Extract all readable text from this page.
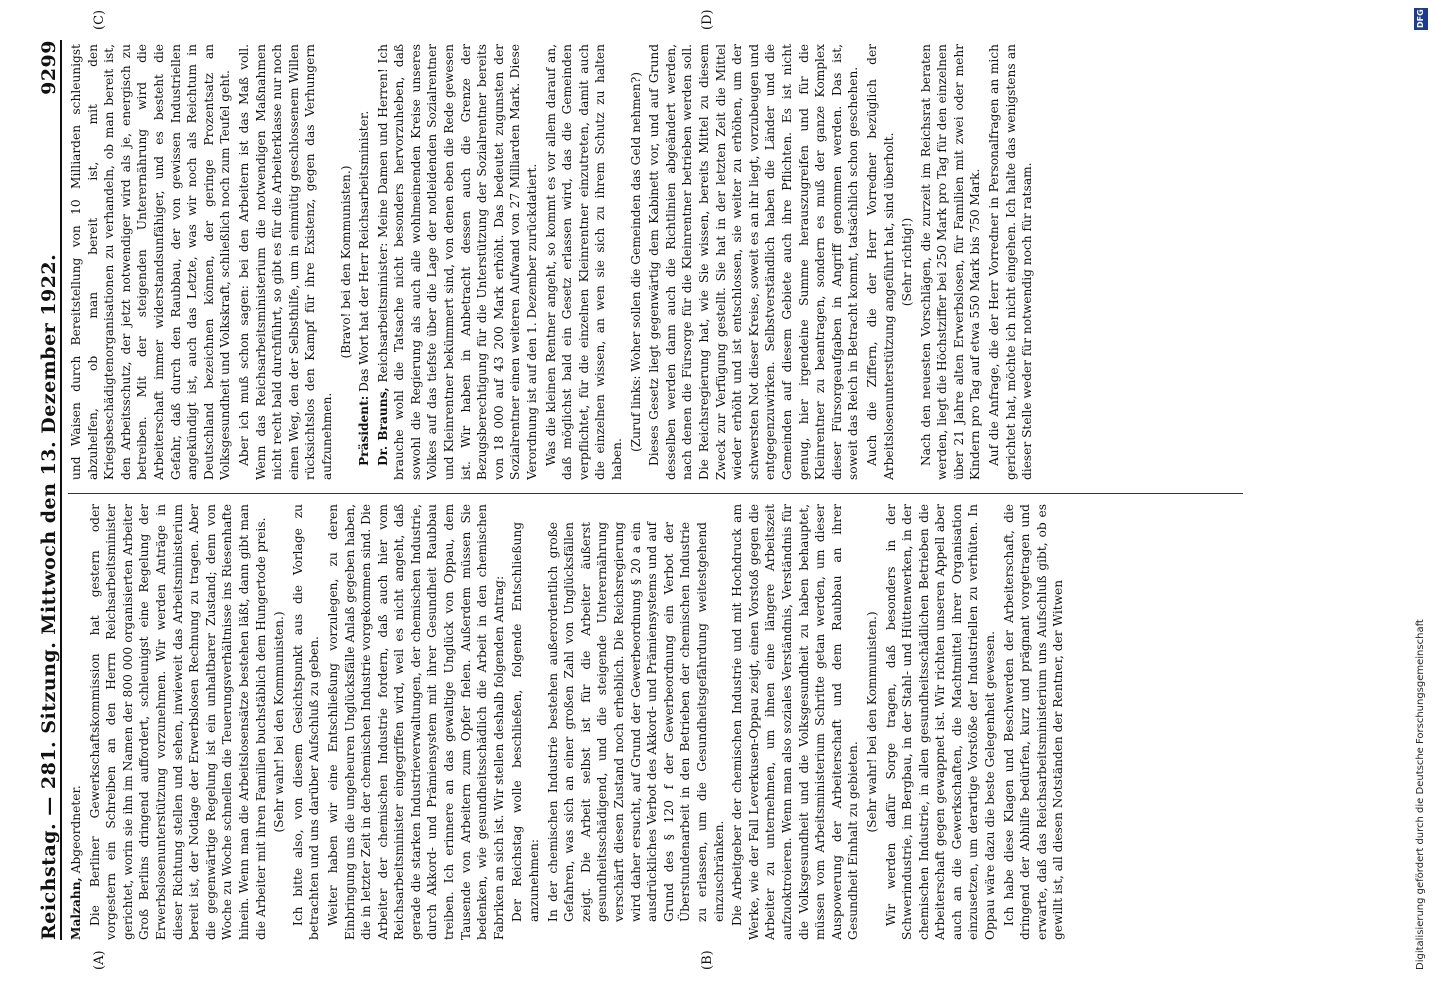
Reichstag. — 281. Sitzung. Mittwoch den 13. Dezember 1922.
9299
(A)	(B)
(C)	(D)

Malzahn, Abgeordneter. Die Berliner Gewerkschaftskommission hat gestern oder vorgestern ein Schreiben an den Herrn Reichsarbeitsminister gerichtet, worin sie ihn im Namen der 800 000 organisierten Arbeiter Groß Berlins dringend auffordert, schleunigst eine Regelung der Erwerbslosenunterstützung vorzunehmen. Wir werden Anträge in dieser Richtung stellen und sehen, inwieweit das Arbeitsministerium bereit ist, der Notlage der Erwerbslosen Rechnung zu tragen. Aber die gegenwärtige Regelung ist ein unhaltbarer Zustand; denn von Woche zu Woche schnellen die Teuerungsverhältnisse ins Riesenhafte hinein. Wenn man die Arbeitslosensätze bestehen läßt, dann gibt man die Arbeiter mit ihren Familien buchstäblich dem Hungertode preis. (Sehr wahr! bei den Kommunisten.) Ich bitte also, von diesem Gesichtspunkt aus die Vorlage zu betrachten und uns darüber Aufschluß zu geben. Weiter haben wir eine Entschließung vorzulegen, zu deren Einbringung uns die ungeheuren Unglücksfälle Anlaß gegeben haben, die in letzter Zeit in der chemischen Industrie vorgekommen sind. Die Arbeiter der chemischen Industrie fordern, daß auch hier vom Reichsarbeitsminister eingegriffen wird, weil es nicht angeht, daß gerade die starken Industrieverwaltungen, der chemischen Industrie, durch Akkord- und Prämiensystem mit ihrer Gesundheit Raubbau treiben. Ich erinnere an das gewaltige Unglück von Oppau, dem Tausende von Arbeitern zum Opfer fielen. Außerdem müssen Sie bedenken, wie gesundheitsschädlich die Arbeit in den chemischen Fabriken an sich ist. Wir stellen deshalb folgenden Antrag: Der Reichstag wolle beschließen, folgende Entschließung anzunehmen: In der chemischen Industrie bestehen außerordentlich große Gefahren, was sich an einer großen Zahl von Unglücksfällen zeigt. Die Arbeit selbst ist für die Arbeiter äußerst gesundheitsschädigend, und die steigende Unterernährung verschärft diesen Zustand noch erheblich. Die Reichsregierung wird daher ersucht, auf Grund der Gewerbeordnung § 20 a ein ausdrückliches Verbot des Akkord- und Prämiensystems und auf Grund des § 120 f der Gewerbeordnung ein Verbot der Überstundenarbeit in den Betrieben der chemischen Industrie zu erlassen, um die Gesundheitsgefährdung weitestgehend einzuschränken. Die Arbeitgeber der chemischen Industrie und mit Hochdruck am Werke, wie der Fall Leverkusen-Oppau zeigt, einen Vorstoß gegen die Arbeiter zu unternehmen, um ihnen eine längere Arbeitszeit aufzuoktroieren. Wenn man also soziales Verständnis, Verständnis für die Volksgesundheit und die Volksgesundheit zu haben behauptet, müssen vom Arbeitsministerium Schritte getan werden, um dieser Auspowerung der Arbeiterschaft und dem Raubbau an ihrer Gesundheit Einhalt zu gebieten.

(Sehr wahr! bei den Kommunisten.) Wir werden dafür Sorge tragen, daß besonders in der Schwerindustrie, im Bergbau, in der Stahl- und Hüttenwerken, in der chemischen Industrie, in allen gesundheitsschädlichen Betrieben die Arbeiterschaft gegen gewappnet ist. Wir richten unseren Appell aber auch an die Gewerkschaften, die Machtmittel ihrer Organisation einzusetzen, um derartige Vorstöße der Industriellen zu verhüten. In Oppau wäre dazu die beste Gelegenheit gewesen. Ich habe diese Klagen und Beschwerden der Arbeiterschaft, die dringend der Abhilfe bedürfen, kurz und prägnant vorgetragen und erwarte, daß das Reichsarbeitsministerium uns Aufschluß gibt, ob es gewillt ist, all diesen Notständen der Rentner, der Witwen

und Waisen durch Bereitstellung von 10 Milliarden schleunigst abzuhelfen, ob man bereit ist, mit den Kriegsbeschädigtenorganisationen zu verhandeln, ob man bereit ist, den Arbeitsschutz, der jetzt notwendiger wird als je, energisch zu betreiben. Mit der steigenden Unterernährung wird die Arbeiterschaft immer widerstandsunfähiger, und es besteht die Gefahr, daß durch den Raubbau, der von gewissen Industriellen angekündigt ist, auch das Letzte, was wir noch als Reichtum in Deutschland bezeichnen können, der geringe Prozentsatz an Volksgesundheit und Volkskraft, schließlich noch zum Teufel geht. Aber ich muß schon sagen: bei den Arbeitern ist das Maß voll. Wenn das Reichsarbeitsministerium die notwendigen Maßnahmen nicht recht bald durchführt, so gibt es für die Arbeiterklasse nur noch einen Weg, den der Selbsthilfe, um in einmütig geschlossenem Willen rücksichtslos den Kampf für ihre Existenz, gegen das Verhungern aufzunehmen.

(Bravo! bei den Kommunisten.)

Präsident: Das Wort hat der Herr Reichsarbeitsminister.

Dr. Brauns, Reichsarbeitsminister: Meine Damen und Herren! Ich brauche wohl die Tatsache nicht besonders hervorzuheben, daß sowohl die Regierung als auch alle wohlmeinenden Kreise unseres Volkes auf das tiefste über die Lage der notleidenden Sozialrentner und Kleinrentner bekümmert sind, von denen eben die Rede gewesen ist. Wir haben in Anbetracht dessen auch die Grenze der Bezugsberechtigung für die Unterstützung der Sozialrentner bereits von 18 000 auf 43 200 Mark erhöht. Das bedeutet zugunsten der Sozialrentner einen weiteren Aufwand von 27 Milliarden Mark. Diese Verordnung ist auf den 1. Dezember zurückdatiert. Was die kleinen Rentner angeht, so kommt es vor allem darauf an, daß möglichst bald ein Gesetz erlassen wird, das die Gemeinden verpflichtet, für die einzelnen Kleinrentner einzutreten, damit auch die einzelnen wissen, an wen sie sich zu ihrem Schutz zu halten haben.

(Zuruf links: Woher sollen die Gemeinden das Geld nehmen?) Dieses Gesetz liegt gegenwärtig dem Kabinett vor, und auf Grund desselben werden dann auch die Richtlinien abgeändert werden, nach denen die Fürsorge für die Kleinrentner betrieben werden soll. Die Reichsregierung hat, wie Sie wissen, bereits Mittel zu diesem Zweck zur Verfügung gestellt. Sie hat in der letzten Zeit die Mittel wieder erhöht und ist entschlossen, sie weiter zu erhöhen, um der schwersten Not dieser Kreise, soweit es an ihr liegt, vorzubeugen und entgegenzuwirken. Selbstverständlich haben die Länder und die Gemeinden auf diesem Gebiete auch ihre Pflichten. Es ist nicht genug, hier irgendeine Summe herauszugreifen und für die Kleinrentner zu beantragen, sondern es muß der ganze Komplex dieser Fürsorgeaufgaben in Angriff genommen werden. Das ist, soweit das Reich in Betracht kommt, tatsächlich schon geschehen. Auch die Ziffern, die der Herr Vorredner bezüglich der Arbeitslosenunterstützung angeführt hat, sind überholt. (Sehr richtig!) Nach den neuesten Vorschlägen, die zurzeit im Reichsrat beraten werden, liegt die Höchstziffer bei 250 Mark pro Tag für den einzelnen über 21 Jahre alten Erwerbslosen, für Familien mit zwei oder mehr Kindern pro Tag auf etwa 550 Mark bis 750 Mark. Auf die Anfrage, die der Herr Vorredner in Personalfragen an mich gerichtet hat, möchte ich nicht eingehen. Ich halte das wenigstens an dieser Stelle weder für notwendig noch für ratsam.

Digitalisierung gefördert durch die Deutsche Forschungsgemeinschaft
DFG
